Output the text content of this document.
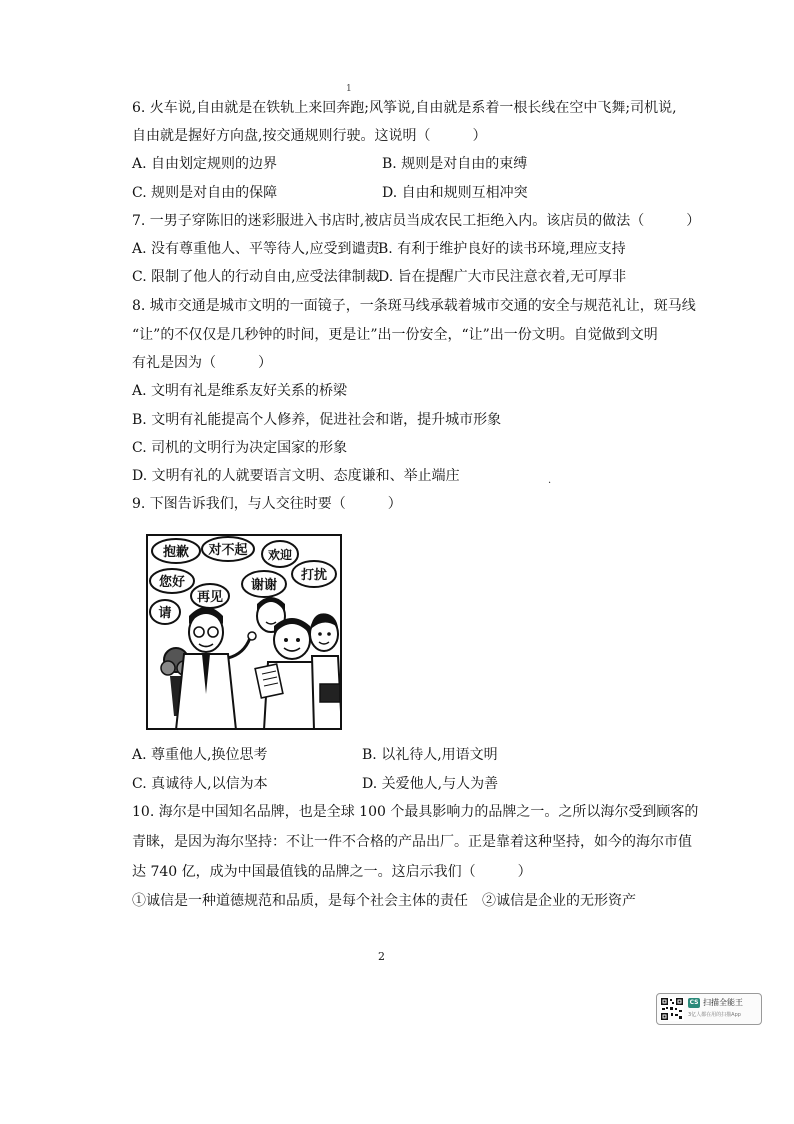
1
6. 火车说,自由就是在铁轨上来回奔跑;风筝说,自由就是系着一根长线在空中飞舞;司机说,
自由就是握好方向盘,按交通规则行驶。这说明（　　　）
A. 自由划定规则的边界	B. 规则是对自由的束缚
C. 规则是对自由的保障	D. 自由和规则互相冲突
7. 一男子穿陈旧的迷彩服进入书店时,被店员当成农民工拒绝入内。该店员的做法（　　　）
A. 没有尊重他人、平等待人,应受到谴责
B. 有利于维护良好的读书环境,理应支持
C. 限制了他人的行动自由,应受法律制裁
D. 旨在提醒广大市民注意衣着,无可厚非
8. 城市交通是城市文明的一面镜子，一条斑马线承载着城市交通的安全与规范礼让，斑马线
“让”的不仅仅是几秒钟的时间，更是让”出一份安全，“让”出一份文明。自觉做到文明
有礼是因为（　　　）
A. 文明有礼是维系友好关系的桥梁
B. 文明有礼能提高个人修养，促进社会和谐，提升城市形象
C. 司机的文明行为决定国家的形象
D. 文明有礼的人就要语言文明、态度谦和、举止端庄	·
9. 下图告诉我们，与人交往时要（　　　）
抱歉 对不起 欢迎
您好	谢谢
打扰
请
再见
A. 尊重他人,换位思考	B. 以礼待人,用语文明
C. 真诚待人,以信为本	D. 关爱他人,与人为善
10. 海尔是中国知名品牌，也是全球 100 个最具影响力的品牌之一。之所以海尔受到顾客的
青睐，是因为海尔坚持：不让一件不合格的产品出厂。正是靠着这种坚持，如今的海尔市值
达 740 亿，成为中国最值钱的品牌之一。这启示我们（　　　）
①诚信是一种道德规范和品质，是每个社会主体的责任　②诚信是企业的无形资产
2
CS 扫描全能王
3亿人都在用的扫描App
